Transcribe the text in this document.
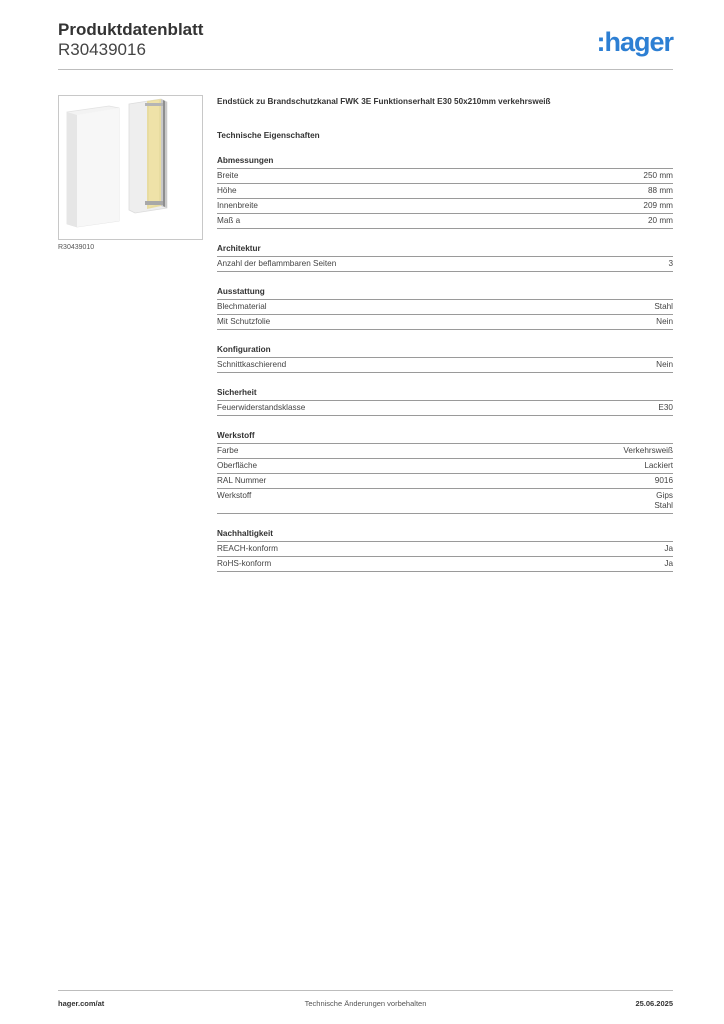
Produktdatenblatt
R30439016	:hager
R30439010
Endstück zu Brandschutzkanal FWK 3E Funktionserhalt E30 50x210mm verkehrsweiß
Technische Eigenschaften
Abmessungen
Breite	250 mm
Höhe	88 mm
Innenbreite	209 mm
Maß a	20 mm
Architektur
Anzahl der beflammbaren Seiten	3
Ausstattung
Blechmaterial	Stahl
Mit Schutzfolie	Nein
Konfiguration
Schnittkaschierend	Nein
Sicherheit
Feuerwiderstandsklasse	E30
Werkstoff
Farbe	Verkehrsweiß
Oberfläche	Lackiert
RAL Nummer	9016
Werkstoff	Gips
Stahl
Nachhaltigkeit
REACH-konform	Ja
RoHS-konform	Ja
hager.com/at	Technische Änderungen vorbehalten	25.06.2025
